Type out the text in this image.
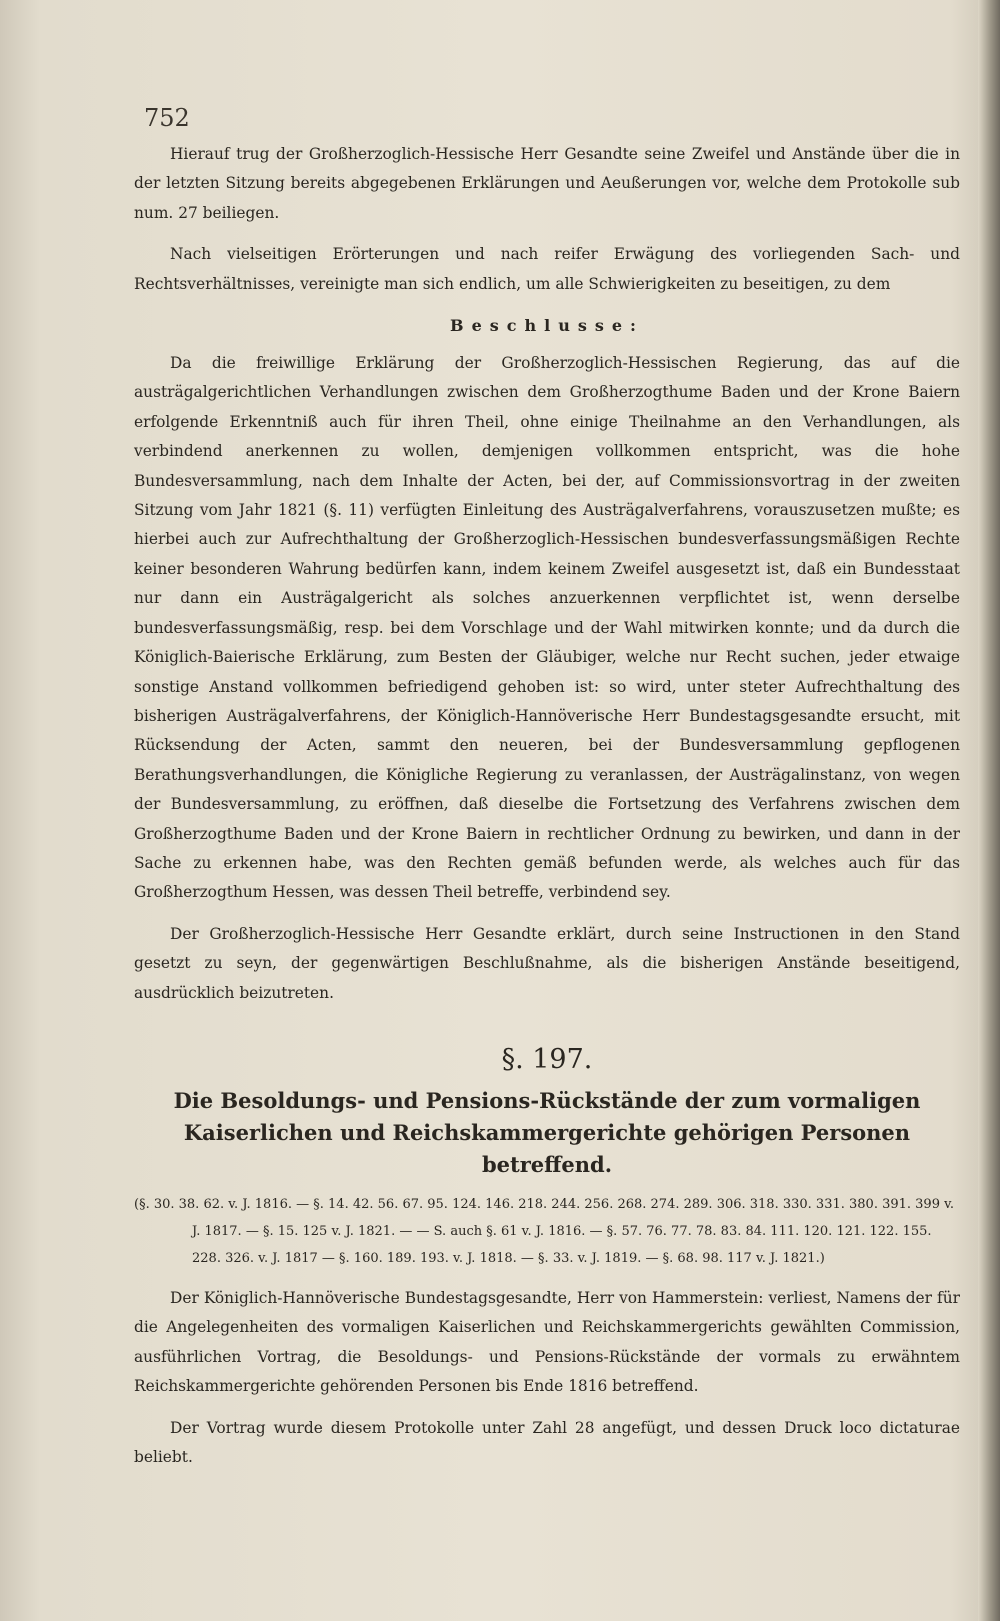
752

Hierauf trug der Großherzoglich-Hessische Herr Gesandte seine Zweifel und Anstände über die in der letzten Sitzung bereits abgegebenen Erklärungen und Aeußerungen vor, welche dem Protokolle sub num. 27 beiliegen.

Nach vielseitigen Erörterungen und nach reifer Erwägung des vorliegenden Sach- und Rechtsverhältnisses, vereinigte man sich endlich, um alle Schwierigkeiten zu beseitigen, zu dem

Beschlusse:

Da die freiwillige Erklärung der Großherzoglich-Hessischen Regierung, das auf die austrägalgerichtlichen Verhandlungen zwischen dem Großherzogthume Baden und der Krone Baiern erfolgende Erkenntniß auch für ihren Theil, ohne einige Theilnahme an den Verhandlungen, als verbindend anerkennen zu wollen, demjenigen vollkommen entspricht, was die hohe Bundesversammlung, nach dem Inhalte der Acten, bei der, auf Commissionsvortrag in der zweiten Sitzung vom Jahr 1821 (§. 11) verfügten Einleitung des Austrägalverfahrens, vorauszusetzen mußte; es hierbei auch zur Aufrechthaltung der Großherzoglich-Hessischen bundesverfassungsmäßigen Rechte keiner besonderen Wahrung bedürfen kann, indem keinem Zweifel ausgesetzt ist, daß ein Bundesstaat nur dann ein Austrägalgericht als solches anzuerkennen verpflichtet ist, wenn derselbe bundesverfassungsmäßig, resp. bei dem Vorschlage und der Wahl mitwirken konnte; und da durch die Königlich-Baierische Erklärung, zum Besten der Gläubiger, welche nur Recht suchen, jeder etwaige sonstige Anstand vollkommen befriedigend gehoben ist: so wird, unter steter Aufrechthaltung des bisherigen Austrägalverfahrens, der Königlich-Hannöverische Herr Bundestagsgesandte ersucht, mit Rücksendung der Acten, sammt den neueren, bei der Bundesversammlung gepflogenen Berathungsverhandlungen, die Königliche Regierung zu veranlassen, der Austrägalinstanz, von wegen der Bundesversammlung, zu eröffnen, daß dieselbe die Fortsetzung des Verfahrens zwischen dem Großherzogthume Baden und der Krone Baiern in rechtlicher Ordnung zu bewirken, und dann in der Sache zu erkennen habe, was den Rechten gemäß befunden werde, als welches auch für das Großherzogthum Hessen, was dessen Theil betreffe, verbindend sey.

Der Großherzoglich-Hessische Herr Gesandte erklärt, durch seine Instructionen in den Stand gesetzt zu seyn, der gegenwärtigen Beschlußnahme, als die bisherigen Anstände beseitigend, ausdrücklich beizutreten.

§. 197.
Die Besoldungs- und Pensions-Rückstände der zum vormaligen Kaiserlichen und Reichskammergerichte gehörigen Personen betreffend.
(§. 30. 38. 62. v. J. 1816. — §. 14. 42. 56. 67. 95. 124. 146. 218. 244. 256. 268. 274. 289. 306. 318. 330. 331. 380. 391. 399 v. J. 1817. — §. 15. 125 v. J. 1821. — — S. auch §. 61 v. J. 1816. — §. 57. 76. 77. 78. 83. 84. 111. 120. 121. 122. 155. 228. 326. v. J. 1817 — §. 160. 189. 193. v. J. 1818. — §. 33. v. J. 1819. — §. 68. 98. 117 v. J. 1821.)

Der Königlich-Hannöverische Bundestagsgesandte, Herr von Hammerstein: verliest, Namens der für die Angelegenheiten des vormaligen Kaiserlichen und Reichskammergerichts gewählten Commission, ausführlichen Vortrag, die Besoldungs- und Pensions-Rückstände der vormals zu erwähntem Reichskammergerichte gehörenden Personen bis Ende 1816 betreffend.

Der Vortrag wurde diesem Protokolle unter Zahl 28 angefügt, und dessen Druck loco dictaturae beliebt.
